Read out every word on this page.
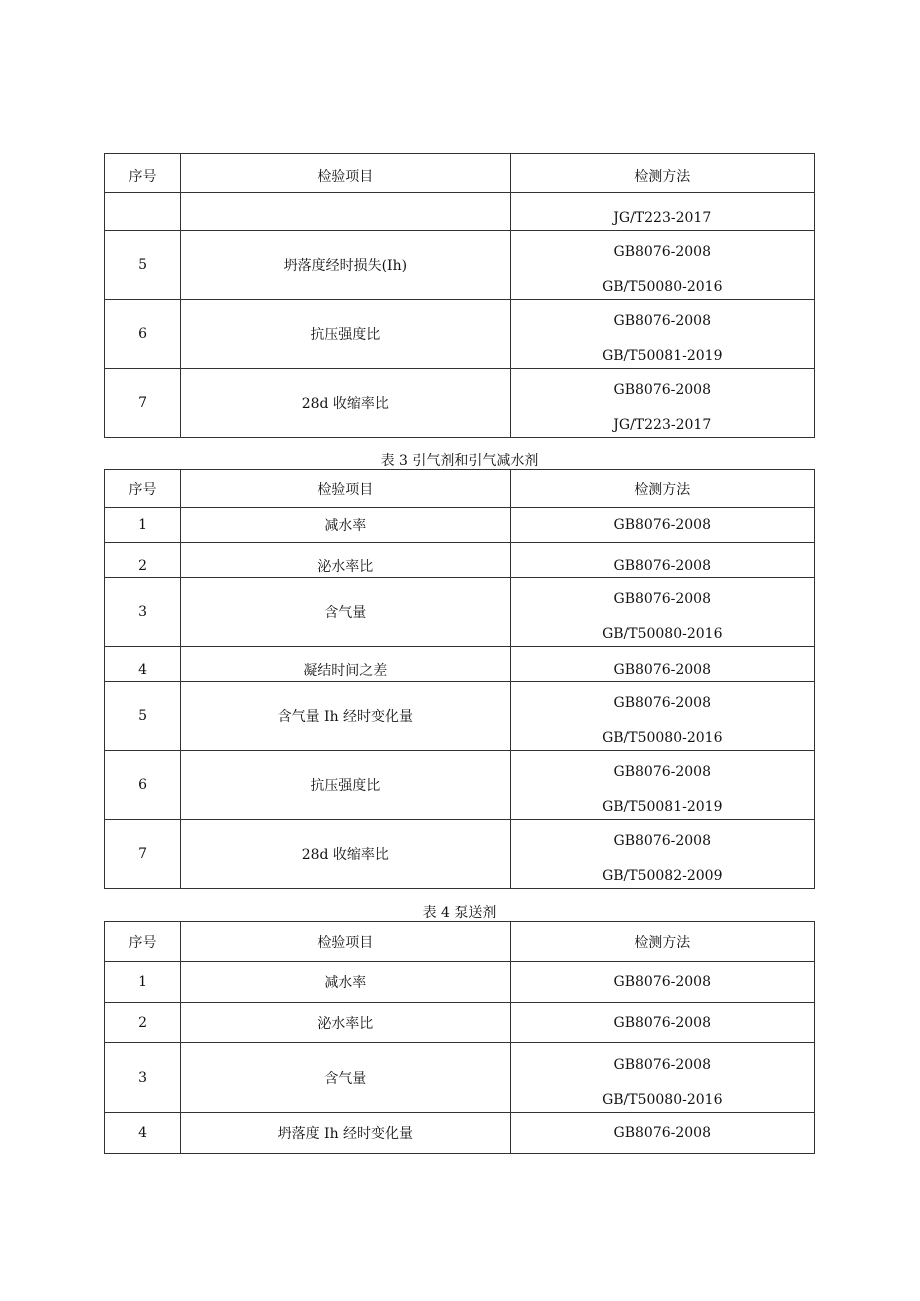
序号	检验项目	检测方法

		JG/T223-2017

5	坍落度经时损失(Ih)	GB8076-2008
GB/T50080-2016

6	抗压强度比	GB8076-2008
GB/T50081-2019

7	28d 收缩率比	GB8076-2008
JG/T223-2017
表 3 引气剂和引气减水剂
序号	检验项目	检测方法
1	减水率	GB8076-2008

2	泌水率比	GB8076-2008

3	含气量	GB8076-2008
GB/T50080-2016

4	凝结时间之差	GB8076-2008

5	含气量 Ih 经时变化量	GB8076-2008
GB/T50080-2016

6	抗压强度比	GB8076-2008
GB/T50081-2019

7	28d 收缩率比	GB8076-2008
GB/T50082-2009
表 4 泵送剂
序号	检验项目	检测方法
1	减水率	GB8076-2008

2	泌水率比	GB8076-2008

3	含气量	GB8076-2008
GB/T50080-2016

4	坍落度 Ih 经时变化量	GB8076-2008
